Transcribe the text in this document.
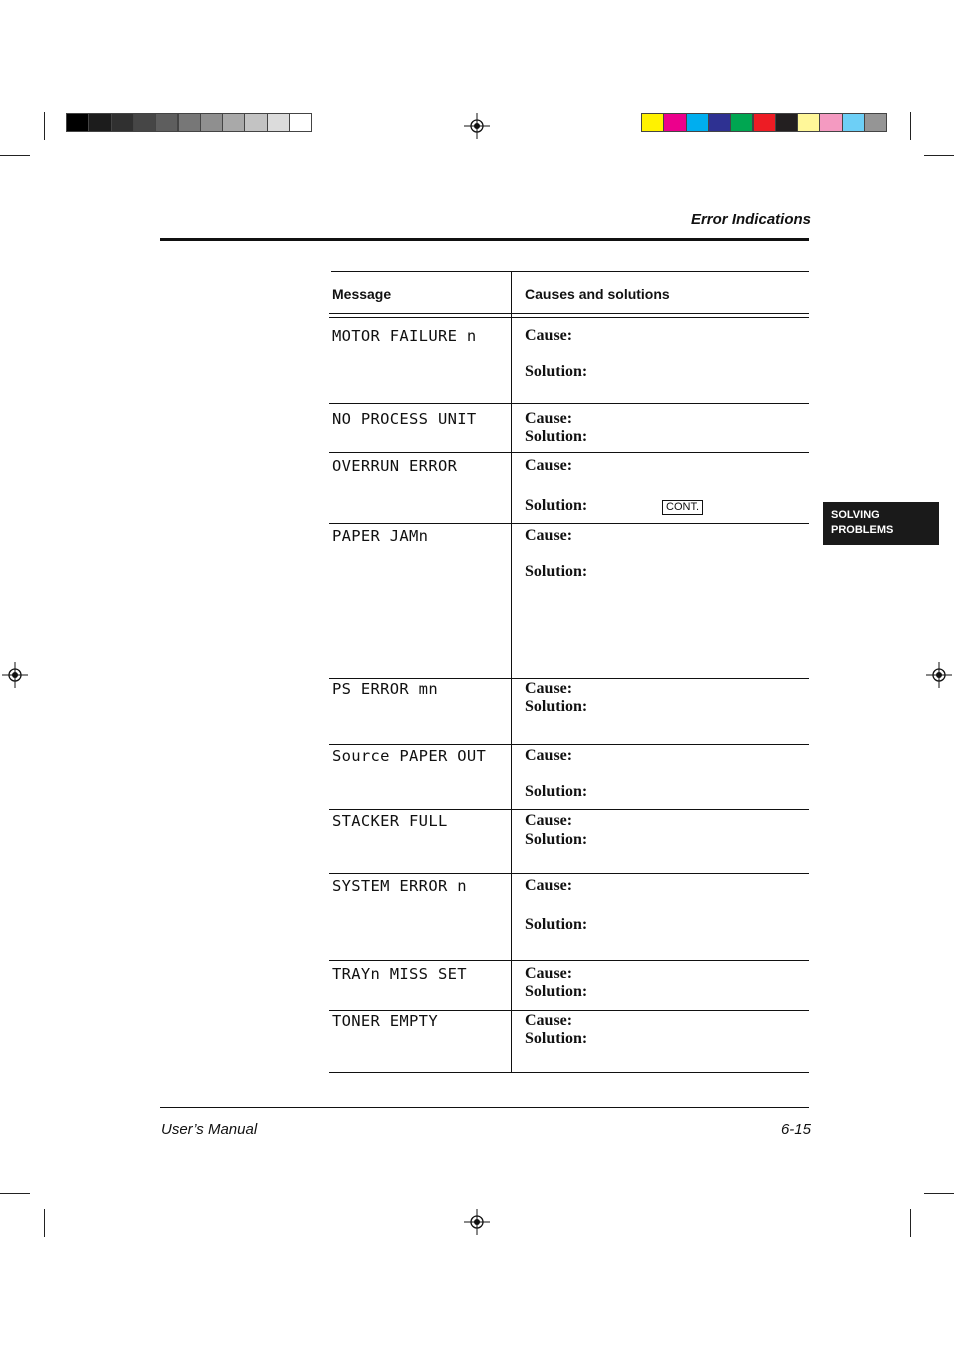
Error Indications
SOLVING
PROBLEMS
Message	Causes and solutions
MOTOR FAILURE n	Cause:
Solution:
NO PROCESS UNIT	Cause:
Solution:
OVERRUN ERROR	Cause:
Solution:	CONT.
PAPER JAMn	Cause:
Solution:
PS ERROR mn	Cause:
Solution:
Source PAPER OUT Cause:
Solution:
STACKER FULL	Cause:
Solution:
SYSTEM ERROR n	Cause:
Solution:
TRAYn MISS SET	Cause:
Solution:
TONER EMPTY	Cause:
Solution:
User’s Manual	6-15
